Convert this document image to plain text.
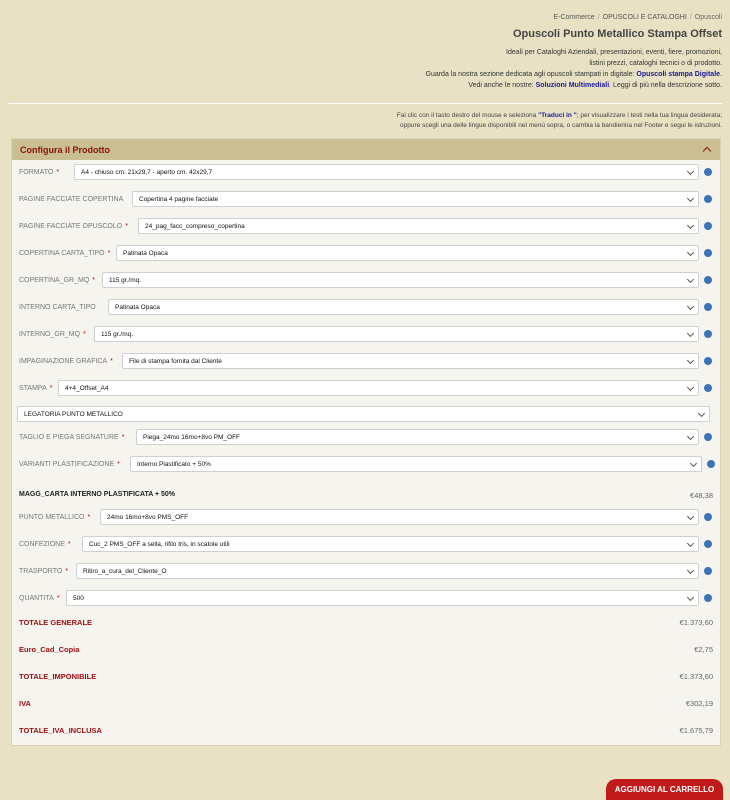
E-Commerce / OPUSCOLI E CATALOGHI / Opuscoli
Opuscoli Punto Metallico Stampa Offset
Ideali per Cataloghi Aziendali, presentazioni, eventi, fiere, promozioni,
listini prezzi, cataloghi tecnici o di prodotto.
Guarda la nostra sezione dedicata agli opuscoli stampati in digitale: Opuscoli stampa Digitale.
Vedi anche le nostre: Soluzioni Multimediali. Leggi di più nella descrizione sotto.
Fai clic con il tasto destro del mouse e seleziona "Traduci in "; per visualizzare i testi nella tua lingua desiderata;
oppure scegli una delle lingue disponibili nel menù sopra, o cambia la bandierina nel Footer e segui le istruzioni.
Configura il Prodotto
FORMATO *	A4 - chiuso cm. 21x29,7 - aperto cm. 42x29,7
PAGINE FACCIATE COPERTINA Copertina 4 pagine facciate
PAGINE FACCIATE OPUSCOLO *	24_pag_facc_compreso_copertina
COPERTINA CARTA_TIPO * Patinata Opaca
COPERTINA_GR_MQ * 115 gr./mq.
INTERNO CARTA_TIPO	Patinata Opaca
INTERNO_GR_MQ * 115 gr./mq.
IMPAGINAZIONE GRAFICA * File di stampa fornita dal Cliente
STAMPA * 4+4_Offset_A4
LEGATORIA PUNTO METALLICO
TAGLIO E PIEGA SEGNATURE *	Piega_24mo 16mo+8vo PM_OFF
VARIANTI PLASTIFICAZIONE *	Interno Plastificato + 50%
MAGG_CARTA INTERNO PLASTIFICATA + 50%	€48,38
PUNTO METALLICO *	24mo 16mo+8vo PMS_OFF
CONFEZIONE *	Cuc_2 PMS_OFF a sella, rifilo tris, in scatole utili
TRASPORTO * Ritiro_a_cura_del_Cliente_O
QUANTITA * 500
TOTALE GENERALE	€1.373,60
Euro_Cad_Copia	€2,75
TOTALE_IMPONIBILE	€1.373,60
IVA	€302,19
TOTALE_IVA_INCLUSA	€1.675,79
AGGIUNGI AL CARRELLO
